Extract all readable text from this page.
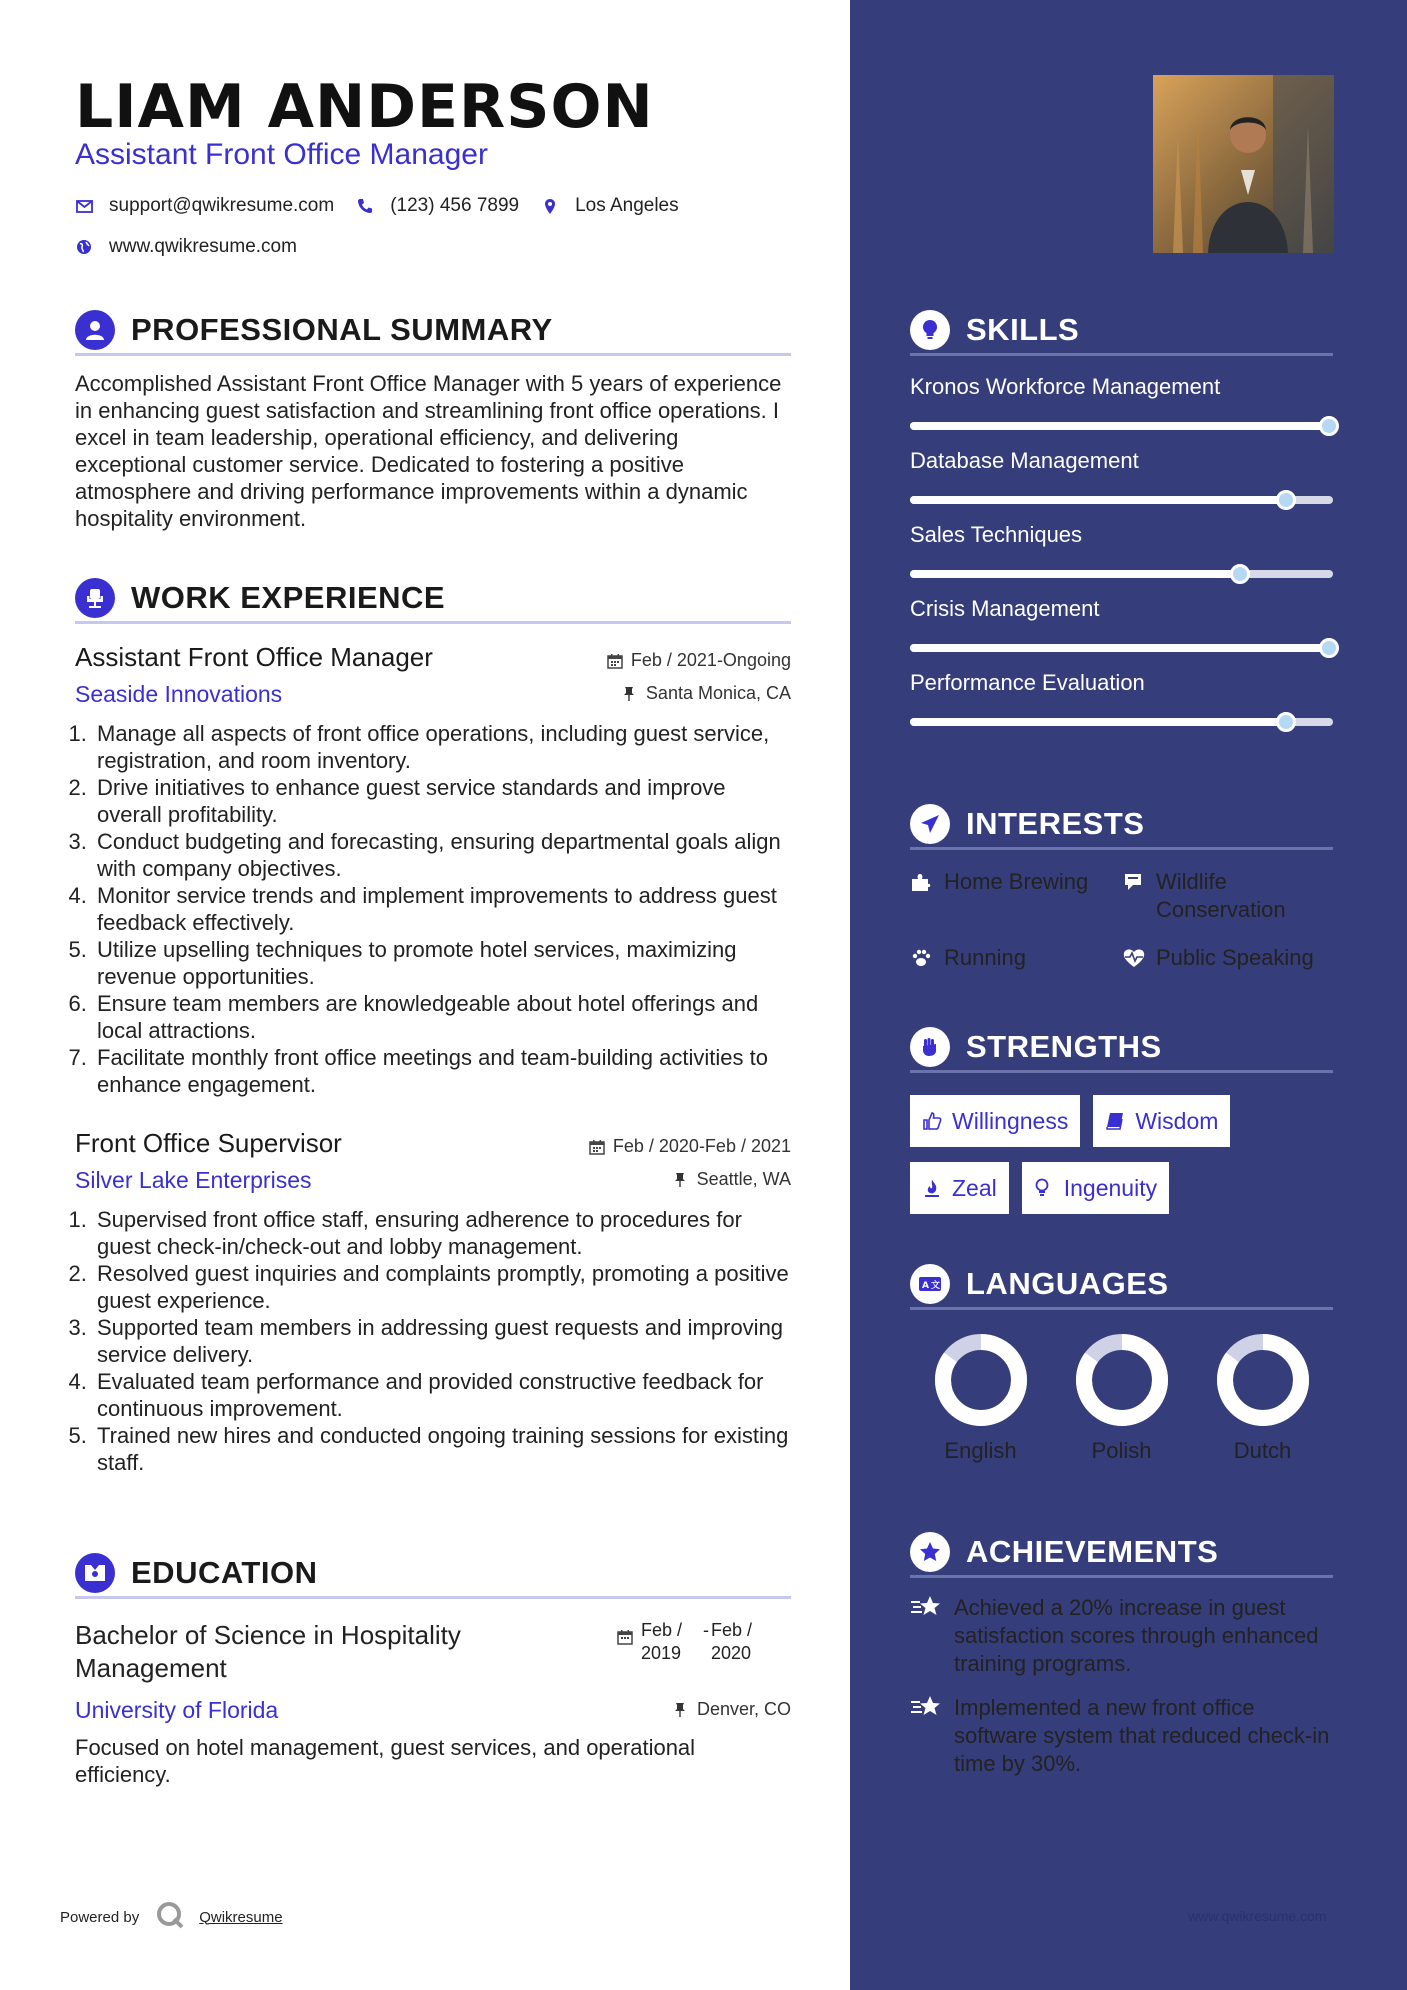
LIAM ANDERSON
Assistant Front Office Manager
support@qwikresume.com	(123) 456 7899	Los Angeles
www.qwikresume.com
PROFESSIONAL SUMMARY
Accomplished Assistant Front Office Manager with 5 years of experience in enhancing guest satisfaction and streamlining front office operations. I excel in team leadership, operational efficiency, and delivering exceptional customer service. Dedicated to fostering a positive atmosphere and driving performance improvements within a dynamic hospitality environment.
WORK EXPERIENCE
Assistant Front Office Manager	Feb / 2021-Ongoing
Seaside Innovations	Santa Monica, CA
1. Manage all aspects of front office operations, including guest service, registration, and room inventory.
2. Drive initiatives to enhance guest service standards and improve overall profitability.
3. Conduct budgeting and forecasting, ensuring departmental goals align with company objectives.
4. Monitor service trends and implement improvements to address guest feedback effectively.
5. Utilize upselling techniques to promote hotel services, maximizing revenue opportunities.
6. Ensure team members are knowledgeable about hotel offerings and local attractions.
7. Facilitate monthly front office meetings and team-building activities to enhance engagement.
Front Office Supervisor	Feb / 2020-Feb / 2021
Silver Lake Enterprises	Seattle, WA
1. Supervised front office staff, ensuring adherence to procedures for guest check-in/check-out and lobby management.
2. Resolved guest inquiries and complaints promptly, promoting a positive guest experience.
3. Supported team members in addressing guest requests and improving service delivery.
4. Evaluated team performance and provided constructive feedback for continuous improvement.
5. Trained new hires and conducted ongoing training sessions for existing staff.
EDUCATION
Bachelor of Science in Hospitality Management
Feb / 2019
- Feb / 2020
University of Florida	Denver, CO
Focused on hotel management, guest services, and operational efficiency.
Powered by	Qwikresume
SKILLS
Kronos Workforce Management
Database Management
Sales Techniques
Crisis Management
Performance Evaluation
INTERESTS
Home Brewing	Wildlife Conservation
Running	Public Speaking
STRENGTHS
Willingness	Wisdom
Zeal	Ingenuity
A 文 LANGUAGES
English	Polish	Dutch
ACHIEVEMENTS
Achieved a 20% increase in guest satisfaction scores through enhanced training programs.
Implemented a new front office software system that reduced check-in time by 30%.
www.qwikresume.com
